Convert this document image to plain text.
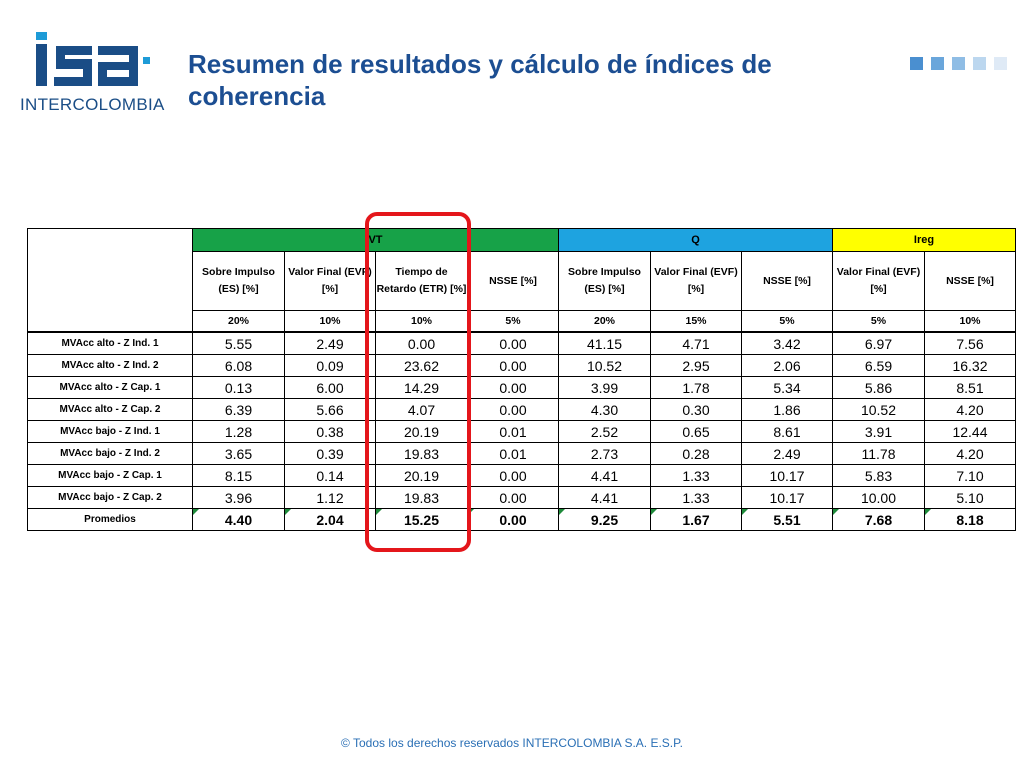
INTERCOLOMBIA
Resumen de resultados y cálculo de índices de coherencia
	VT				Q			Ireg	
	Sobre Impulso (ES) [%]	Valor Final (EVF) [%]	Tiempo de Retardo (ETR) [%]	NSSE [%]	Sobre Impulso (ES) [%]	Valor Final (EVF) [%]	NSSE [%]	Valor Final (EVF) [%]	NSSE [%]
	20%	10%	10%	5%	20%	15%	5%	5%	10%
MVAcc alto - Z Ind. 1	5.55	2.49	0.00	0.00	41.15	4.71	3.42	6.97	7.56
MVAcc alto - Z Ind. 2	6.08	0.09	23.62	0.00	10.52	2.95	2.06	6.59	16.32
MVAcc alto - Z Cap. 1	0.13	6.00	14.29	0.00	3.99	1.78	5.34	5.86	8.51
MVAcc alto - Z Cap. 2	6.39	5.66	4.07	0.00	4.30	0.30	1.86	10.52	4.20
MVAcc bajo - Z Ind. 1	1.28	0.38	20.19	0.01	2.52	0.65	8.61	3.91	12.44
MVAcc bajo - Z Ind. 2	3.65	0.39	19.83	0.01	2.73	0.28	2.49	11.78	4.20
MVAcc bajo - Z Cap. 1	8.15	0.14	20.19	0.00	4.41	1.33	10.17	5.83	7.10
MVAcc bajo - Z Cap. 2	3.96	1.12	19.83	0.00	4.41	1.33	10.17	10.00	5.10
Promedios	4.40	2.04	15.25	0.00	9.25	1.67	5.51	7.68	8.18
© Todos los derechos reservados INTERCOLOMBIA S.A. E.S.P.
